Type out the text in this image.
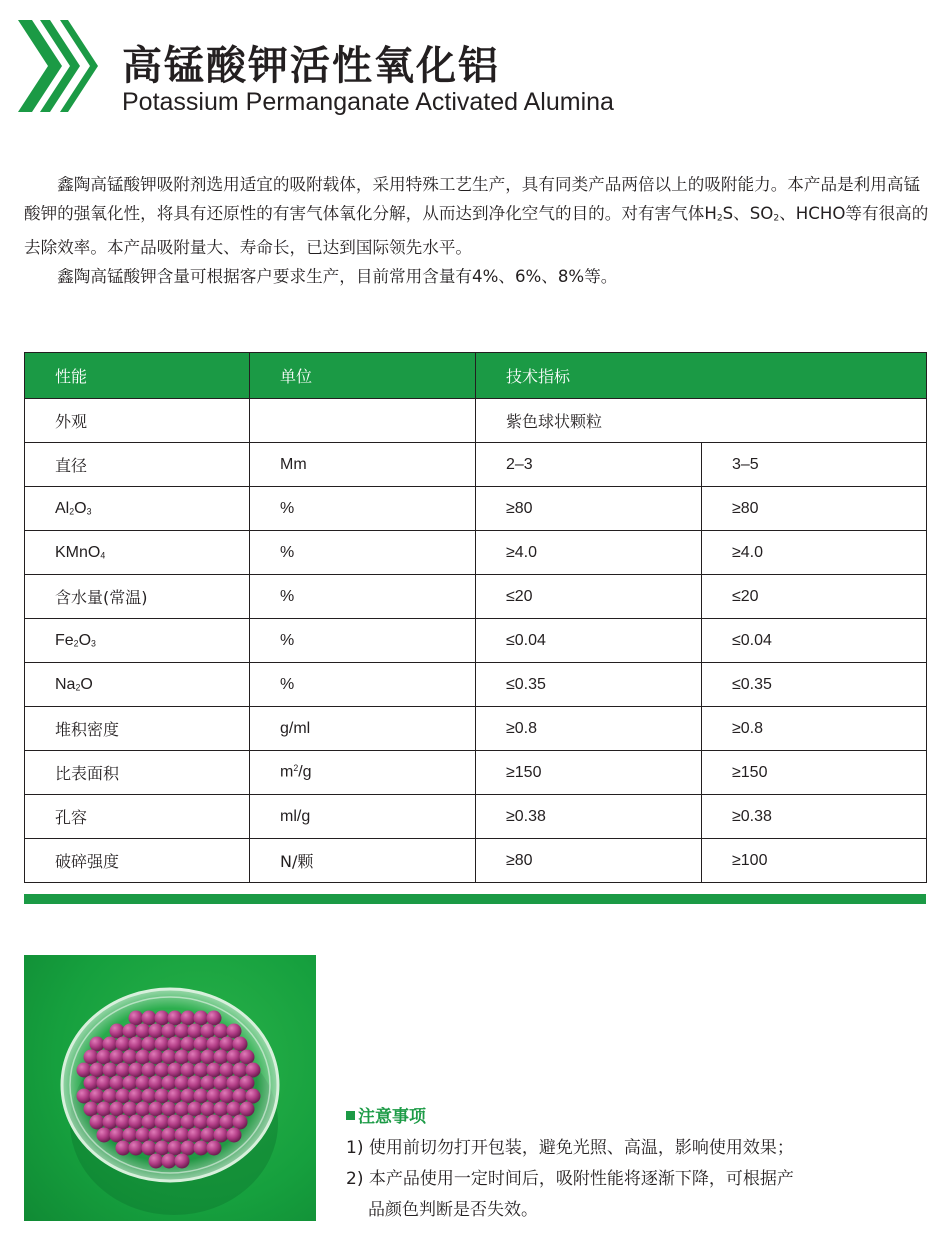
高锰酸钾活性氧化铝
Potassium Permanganate Activated Alumina

鑫陶高锰酸钾吸附剂选用适宜的吸附载体，采用特殊工艺生产，具有同类产品两倍以上的吸附能力。本产品是利用高锰酸钾的强氧化性，将具有还原性的有害气体氧化分解，从而达到净化空气的目的。对有害气体$H_2S$、$SO_2$、HCHO等有很高的去除效率。本产品吸附量大、寿命长，已达到国际领先水平。

鑫陶高锰酸钾含量可根据客户要求生产，目前常用含量有4%、6%、8%等。

性能	单位	技术指标	
外观		紫色球状颗粒	
直径	Mm	2–3	3–5
$Al_2O_3$	%	≥80	≥80
KMnO$_4$	%	≥4.0	≥4.0
含水量(常温)	%	≤20	≤20
$Fe_2O_3$	%	≤0.04	≤0.04
$Na_2O$	%	≤0.35	≤0.35
堆积密度	g/ml	≥0.8	≥0.8
比表面积	$m^2/g$	≥150	≥150
孔容	ml/g	≥0.38	≥0.38
破碎强度	N/颗	≥80	≥100
注意事项

1) 使用前切勿打开包装，避免光照、高温，影响使用效果；

2) 本产品使用一定时间后，吸附性能将逐渐下降，可根据产

品颜色判断是否失效。
